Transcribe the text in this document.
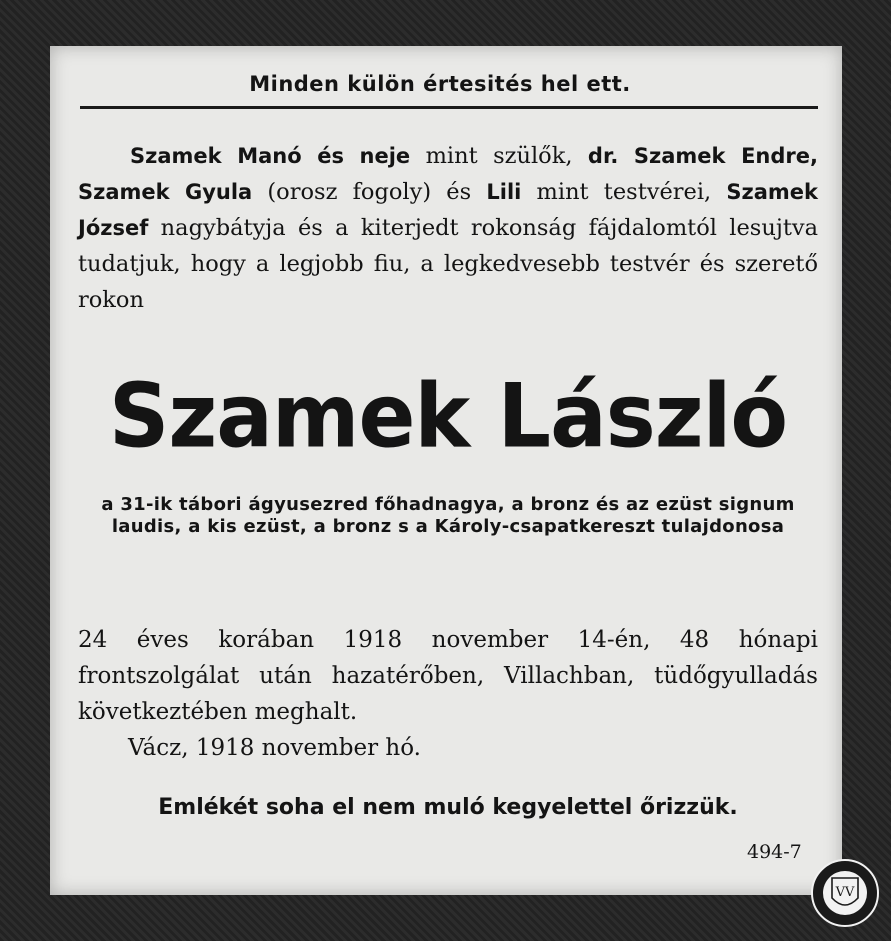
Minden külön értesités hel ett.

Szamek Manó és neje mint szülők, dr. Szamek Endre, Szamek Gyula (orosz fogoly) és Lili mint testvérei, Szamek József nagybátyja és a kiterjedt rokonság fájdalomtól lesujtva tudatjuk, hogy a legjobb fiu, a legkedvesebb testvér és szerető rokon

Szamek László

a 31-ik tábori ágyusezred főhadnagya, a bronz és az ezüst signum laudis, a kis ezüst, a bronz s a Károly-csapatkereszt tulajdonosa

24 éves korában 1918 november 14-én, 48 hónapi frontszolgálat után hazatérőben, Villachban, tüdőgyulladás következtében meghalt.

Vácz, 1918 november hó.

Emlékét soha el nem muló kegyelettel őrizzük.

494-7
VV
